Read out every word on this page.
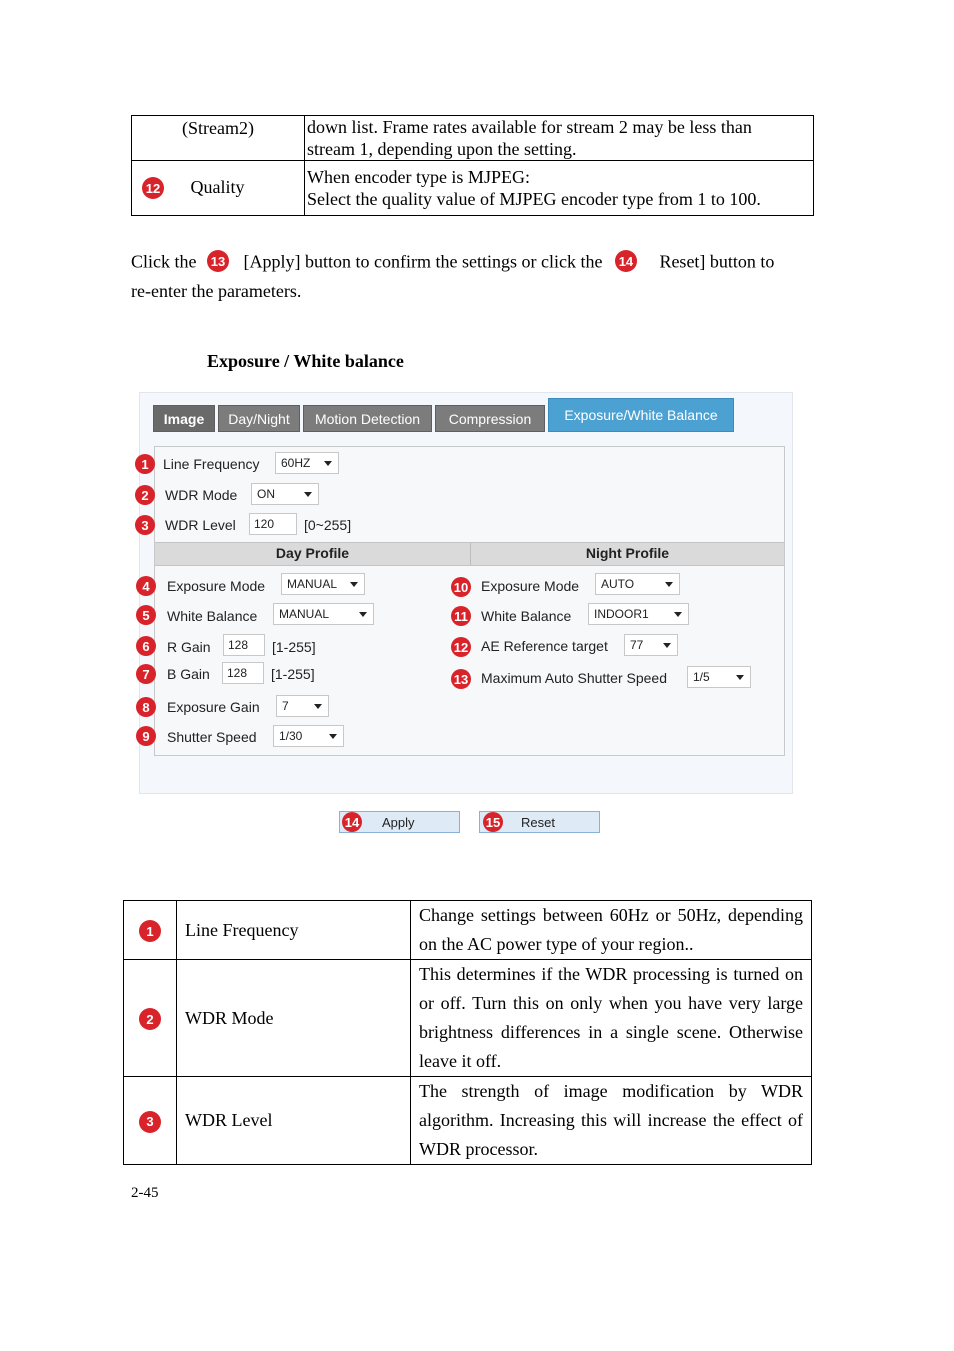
(Stream2)	down list. Frame rates available for stream 2 may be less than
stream 1, depending upon the setting.

12 Quality	When encoder type is MJPEG:
Select the quality value of MJPEG encoder type from 1 to 100.
Click the 13 [Apply] button to confirm the settings or click the 14 Reset] button to
re-enter the parameters.
Exposure / White balance
Image	Day/Night	Motion Detection	Compression	Exposure/White Balance
1	Line Frequency 60HZ
2	WDR Mode ON
3	WDR Level	120	[0~255]
Day Profile	Night Profile
4	Exposure Mode MANUAL
5	White Balance MANUAL
6	R Gain	128	[1-255]
7	B Gain	128	[1-255]
8	Exposure Gain 7
9	Shutter Speed 1/30
10 Exposure Mode AUTO
11 White Balance INDOOR1
12 AE Reference target 77
13 Maximum Auto Shutter Speed 1/5
14 Apply	15 Reset
1	Line Frequency	Change settings between 60Hz or 50Hz, depending on the AC power type of your region..
2	WDR Mode	This determines if the WDR processing is turned on or off. Turn this on only when you have very large brightness differences in a single scene. Otherwise leave it off.
3	WDR Level	The strength of image modification by WDR algorithm. Increasing this will increase the effect of WDR processor.
2-45
